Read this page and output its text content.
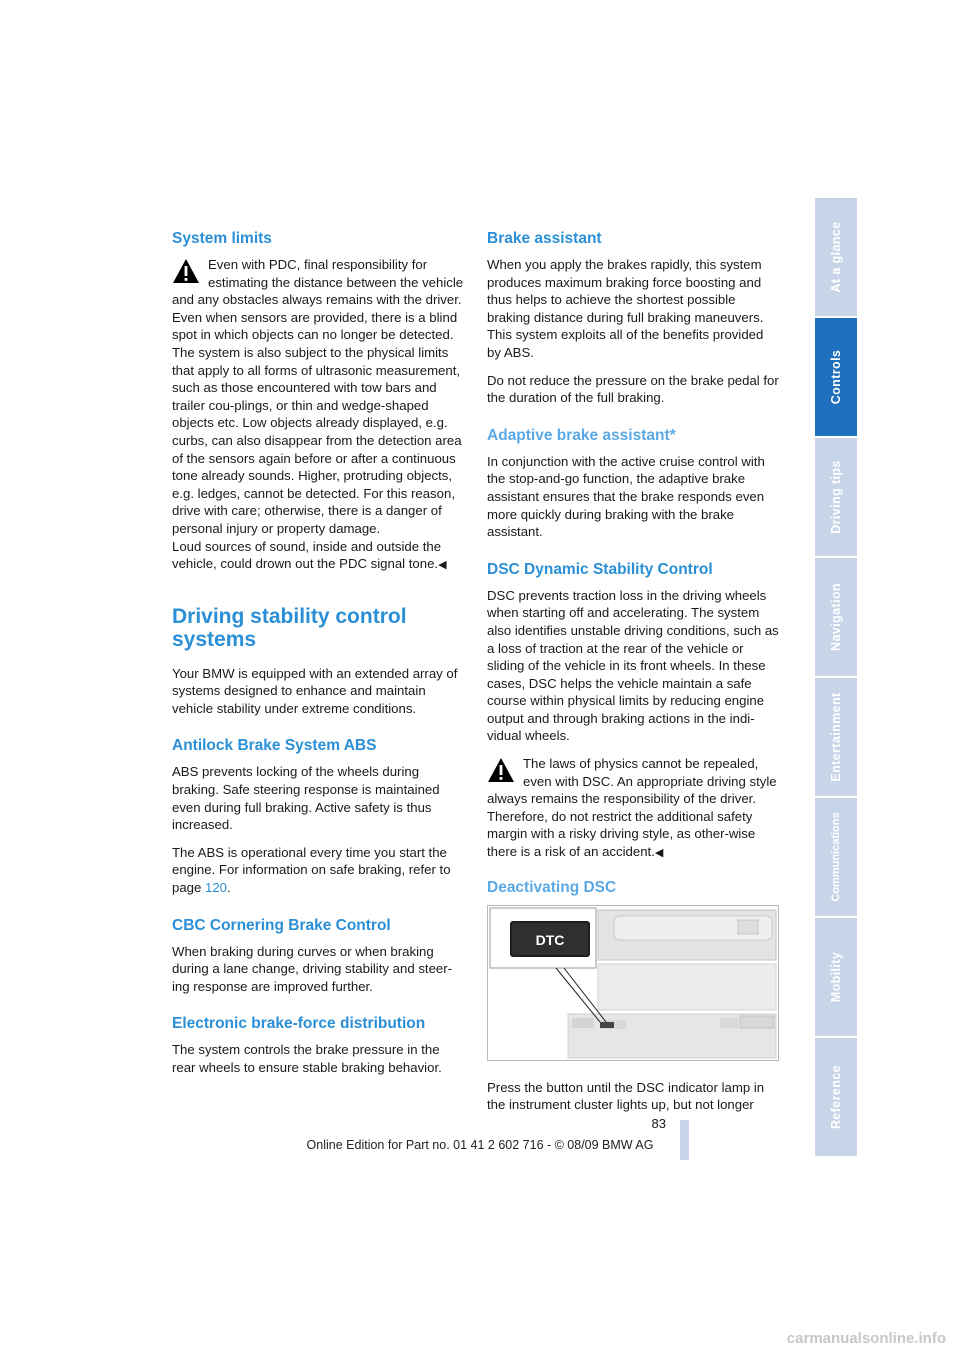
System limits

Even with PDC, final responsibility for estimating the distance between the vehicle and any obstacles always remains with the driver. Even when sensors are provided, there is a blind spot in which objects can no longer be detected. The system is also subject to the physical limits that apply to all forms of ultrasonic measurement, such as those encountered with tow bars and trailer cou-plings, or thin and wedge-shaped objects etc. Low objects already displayed, e.g. curbs, can also disappear from the detection area of the sensors again before or after a continuous tone already sounds. Higher, protruding objects, e.g. ledges, cannot be detected. For this reason, drive with care; otherwise, there is a danger of personal injury or property damage.
Loud sources of sound, inside and outside the vehicle, could drown out the PDC signal tone.◀

Driving stability control systems

Your BMW is equipped with an extended array of systems designed to enhance and maintain vehicle stability under extreme conditions.

Antilock Brake System ABS

ABS prevents locking of the wheels during braking. Safe steering response is maintained even during full braking. Active safety is thus increased.

The ABS is operational every time you start the engine. For information on safe braking, refer to page 120.

CBC Cornering Brake Control

When braking during curves or when braking during a lane change, driving stability and steer-ing response are improved further.

Electronic brake-force distribution

The system controls the brake pressure in the rear wheels to ensure stable braking behavior.

Brake assistant

When you apply the brakes rapidly, this system produces maximum braking force boosting and thus helps to achieve the shortest possible braking distance during full braking maneuvers. This system exploits all of the benefits provided by ABS.

Do not reduce the pressure on the brake pedal for the duration of the full braking.

Adaptive brake assistant*

In conjunction with the active cruise control with the stop-and-go function, the adaptive brake assistant ensures that the brake responds even more quickly during braking with the brake assistant.

DSC Dynamic Stability Control

DSC prevents traction loss in the driving wheels when starting off and accelerating. The system also identifies unstable driving conditions, such as a loss of traction at the rear of the vehicle or sliding of the vehicle in its front wheels. In these cases, DSC helps the vehicle maintain a safe course within physical limits by reducing engine output and through braking actions in the indi-vidual wheels.

The laws of physics cannot be repealed, even with DSC. An appropriate driving style always remains the responsibility of the driver. Therefore, do not restrict the additional safety margin with a risky driving style, as other-wise there is a risk of an accident.◀

Deactivating DSC
DTC

Press the button until the DSC indicator lamp in the instrument cluster lights up, but not longer

At a glance
Controls
Driving tips
Navigation
Entertainment
Communications
Mobility
Reference
83
Online Edition for Part no. 01 41 2 602 716 - © 08/09 BMW AG
carmanualsonline.info
